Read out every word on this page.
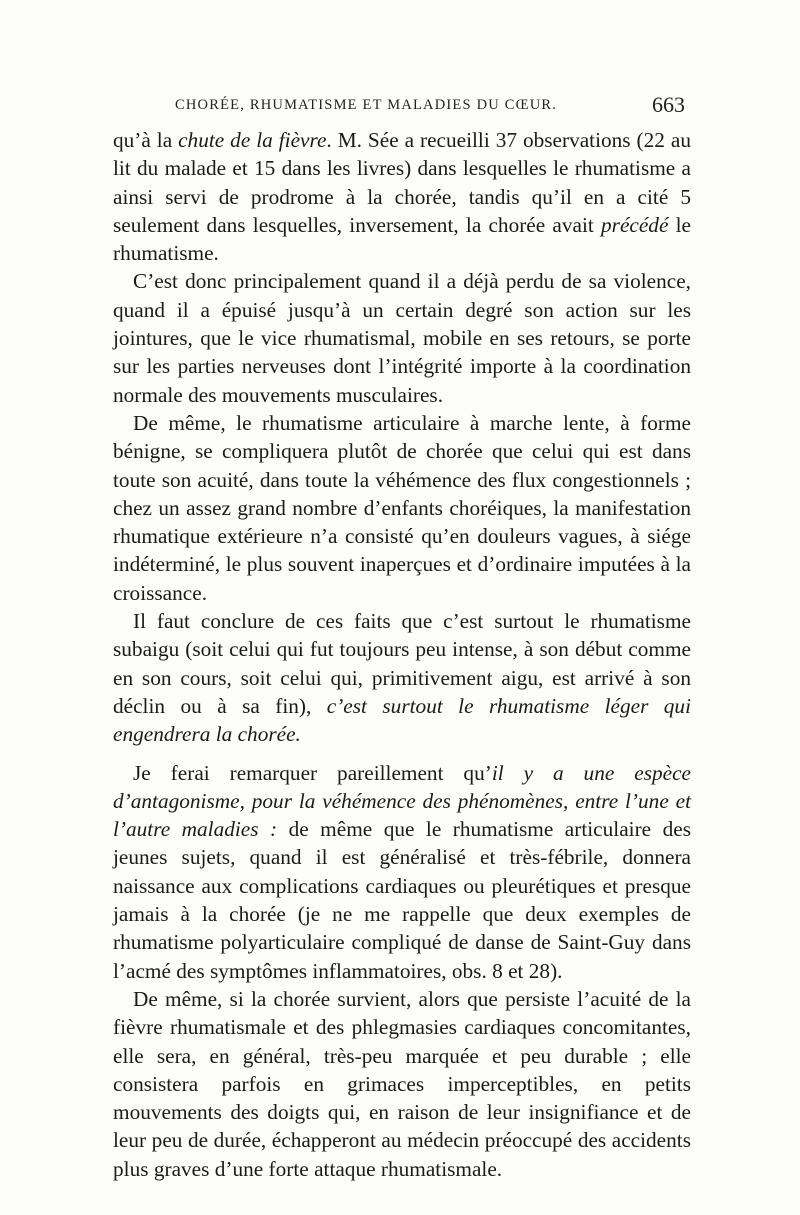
CHORÉE, RHUMATISME ET MALADIES DU CŒUR.	663

qu’à la chute de la fièvre. M. Sée a recueilli 37 observations (22 au lit du malade et 15 dans les livres) dans lesquelles le rhumatisme a ainsi servi de prodrome à la chorée, tandis qu’il en a cité 5 seulement dans lesquelles, inversement, la chorée avait précédé le rhumatisme.

C’est donc principalement quand il a déjà perdu de sa violence, quand il a épuisé jusqu’à un certain degré son action sur les jointures, que le vice rhumatismal, mobile en ses retours, se porte sur les parties nerveuses dont l’intégrité importe à la coordination normale des mouvements musculaires.

De même, le rhumatisme articulaire à marche lente, à forme bénigne, se compliquera plutôt de chorée que celui qui est dans toute son acuité, dans toute la véhémence des flux congestionnels ; chez un assez grand nombre d’enfants choréiques, la manifestation rhumatique extérieure n’a consisté qu’en douleurs vagues, à siége indéterminé, le plus souvent inaperçues et d’ordinaire imputées à la croissance.

Il faut conclure de ces faits que c’est surtout le rhumatisme subaigu (soit celui qui fut toujours peu intense, à son début comme en son cours, soit celui qui, primitivement aigu, est arrivé à son déclin ou à sa fin), c’est surtout le rhumatisme léger qui engendrera la chorée.

Je ferai remarquer pareillement qu’il y a une espèce d’antagonisme, pour la véhémence des phénomènes, entre l’une et l’autre maladies : de même que le rhumatisme articulaire des jeunes sujets, quand il est généralisé et très-fébrile, donnera naissance aux complications cardiaques ou pleurétiques et presque jamais à la chorée (je ne me rappelle que deux exemples de rhumatisme polyarticulaire compliqué de danse de Saint-Guy dans l’acmé des symptômes inflammatoires, obs. 8 et 28).

De même, si la chorée survient, alors que persiste l’acuité de la fièvre rhumatismale et des phlegmasies cardiaques concomitantes, elle sera, en général, très-peu marquée et peu durable ; elle consistera parfois en grimaces imperceptibles, en petits mouvements des doigts qui, en raison de leur insignifiance et de leur peu de durée, échapperont au médecin préoccupé des accidents plus graves d’une forte attaque rhumatismale.
